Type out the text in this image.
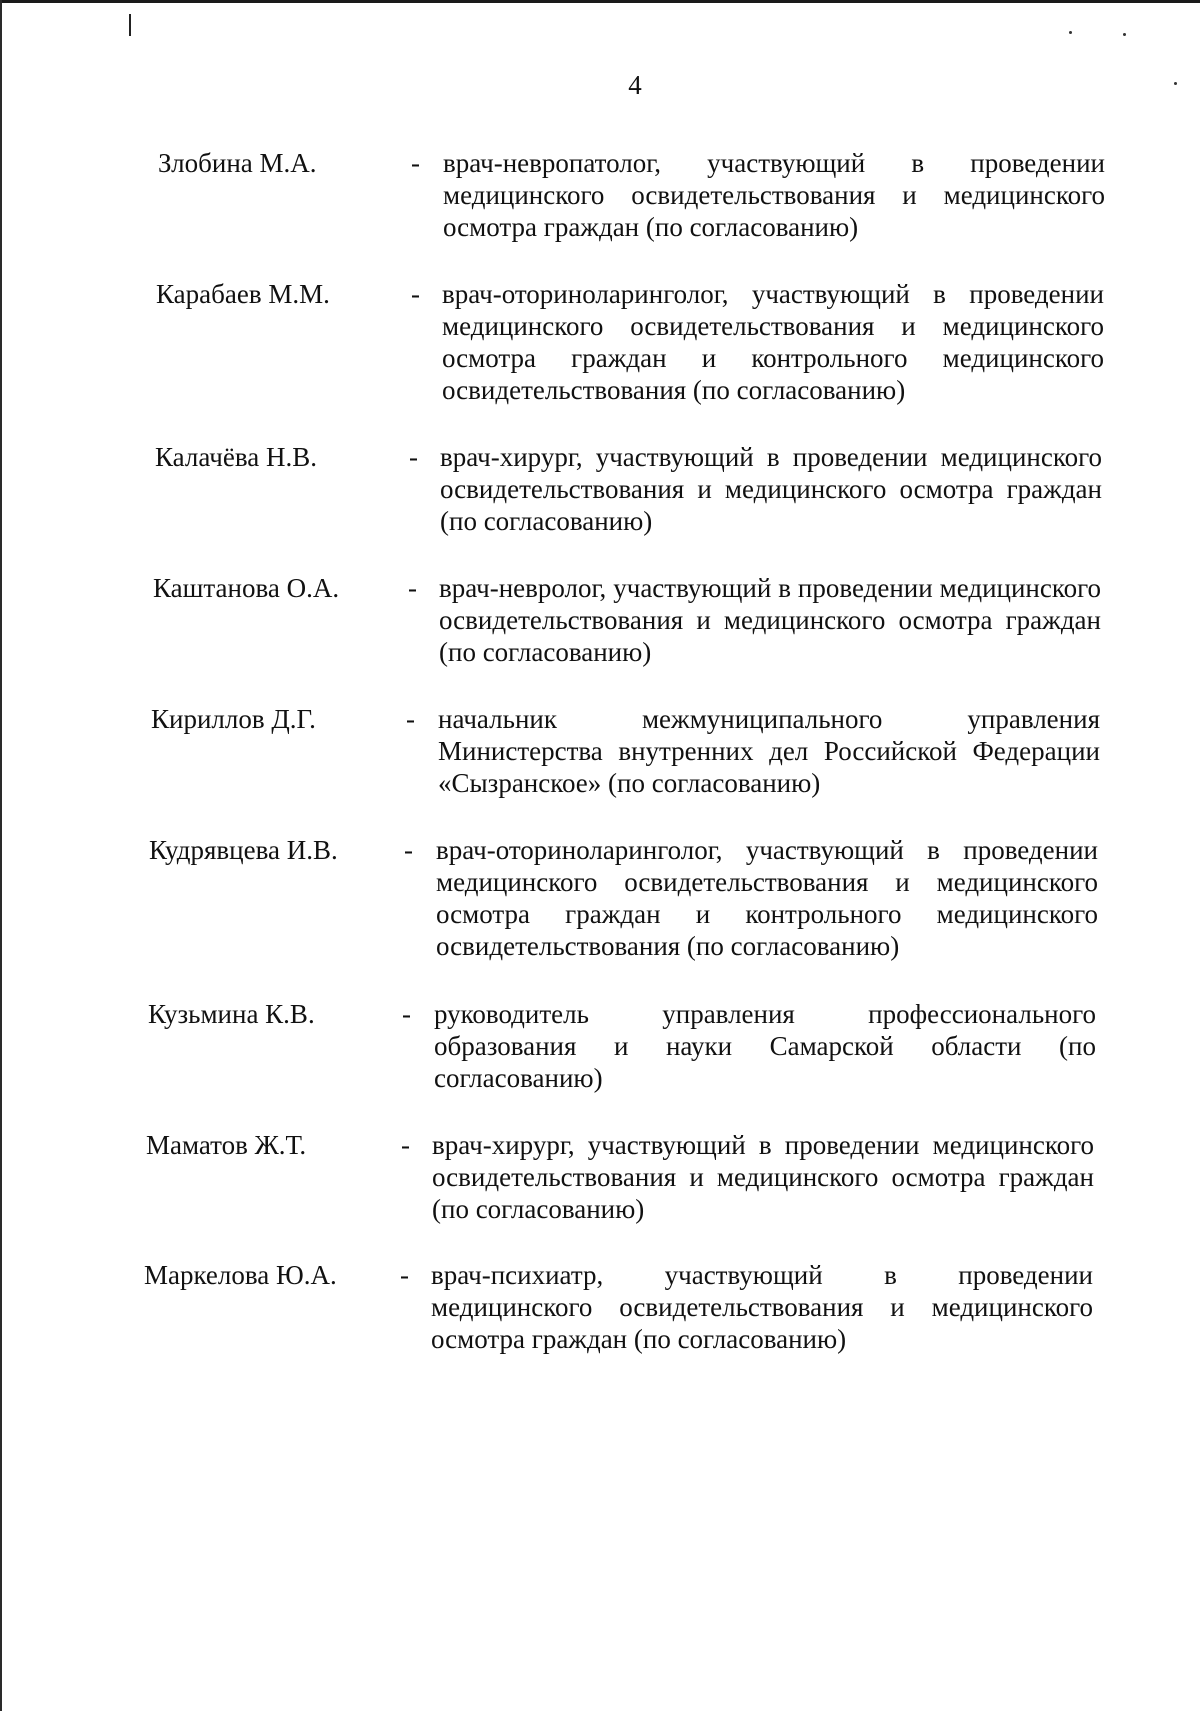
4
Злобина М.А.	- врач-невропатолог, участвующий в проведении медицинского освидетельствования и медицинского осмотра граждан (по согласованию)
Карабаев М.М.	- врач-оториноларинголог, участвующий в проведении медицинского освидетельствования и медицинского осмотра граждан и контрольного медицинского освидетельствования (по согласованию)
Калачёва Н.В.	- врач-хирург, участвующий в проведении медицинского освидетельствования и медицинского осмотра граждан (по согласованию)
Каштанова О.А.	- врач-невролог, участвующий в проведении медицинского освидетельствования и медицинского осмотра граждан (по согласованию)
Кириллов Д.Г.	- начальник межмуниципального управления Министерства внутренних дел Российской Федерации «Сызранское» (по согласованию)
Кудрявцева И.В. - врач-оториноларинголог, участвующий в проведении медицинского освидетельствования и медицинского осмотра граждан и контрольного медицинского освидетельствования (по согласованию)
Кузьмина К.В.	- руководитель управления профессионального образования и науки Самарской области (по согласованию)
Маматов Ж.Т.	- врач-хирург, участвующий в проведении медицинского освидетельствования и медицинского осмотра граждан (по согласованию)
Маркелова Ю.А. - врач-психиатр, участвующий в проведении медицинского освидетельствования и медицинского осмотра граждан (по согласованию)
